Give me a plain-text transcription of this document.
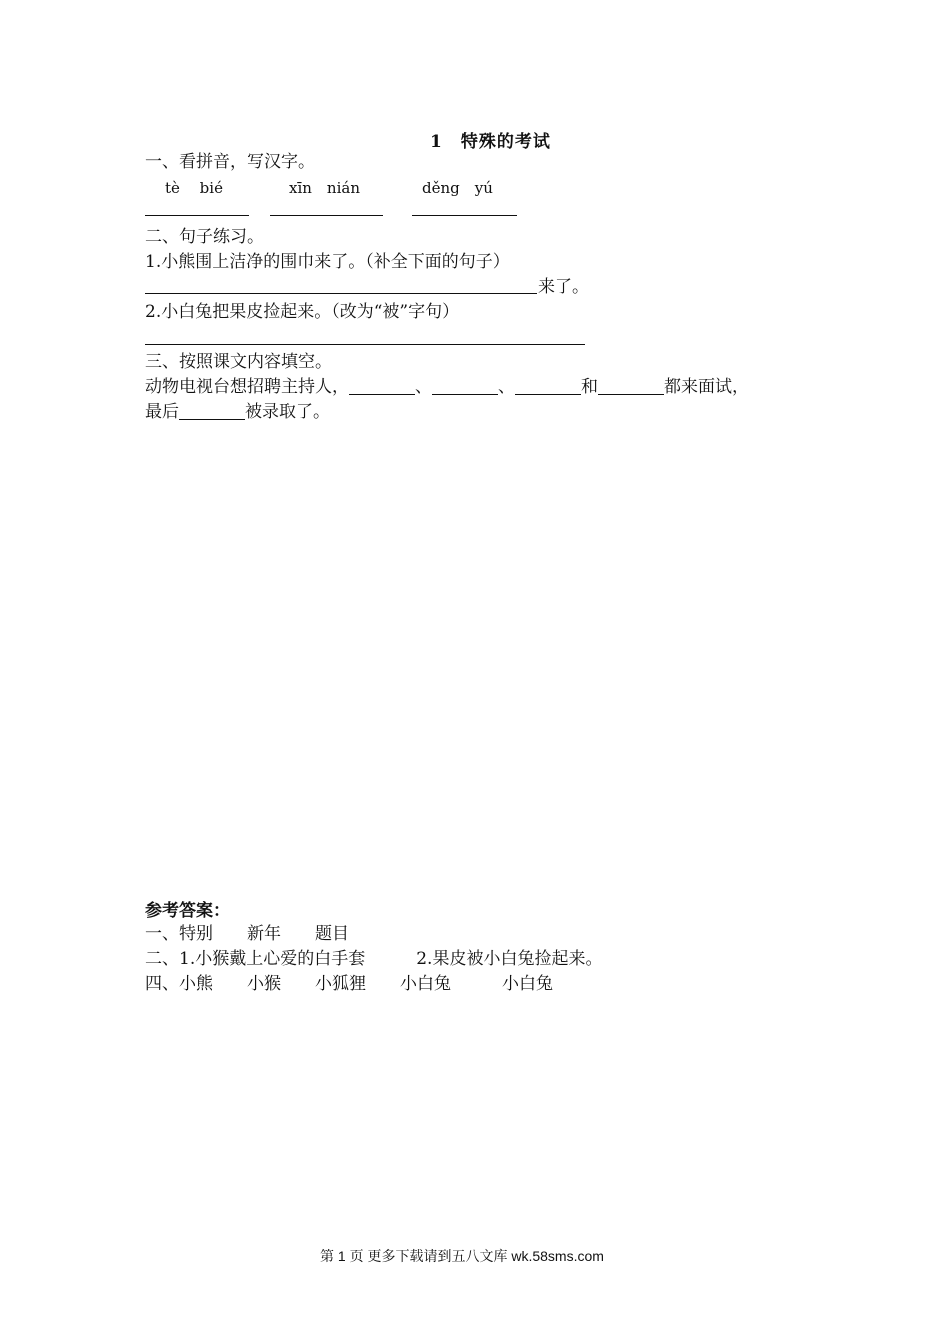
1　特殊的考试
一、看拼音，写汉字。
tè　 bié	xīn　nián	děng　yú
二、句子练习。
1.小熊围上洁净的围巾来了。（补全下面的句子）
来了。
2.小白兔把果皮捡起来。（改为“被”字句）
三、按照课文内容填空。
动物电视台想招聘主持人，	、	、	和	都来面试，
最后	被录取了。
参考答案：
一、特别　　新年　　题目
二、1.小猴戴上心爱的白手套　　　2.果皮被小白兔捡起来。
四、小熊　　小猴　　小狐狸　　小白兔　　　小白兔
第 1 页 更多下载请到五八文库 wk.58sms.com
